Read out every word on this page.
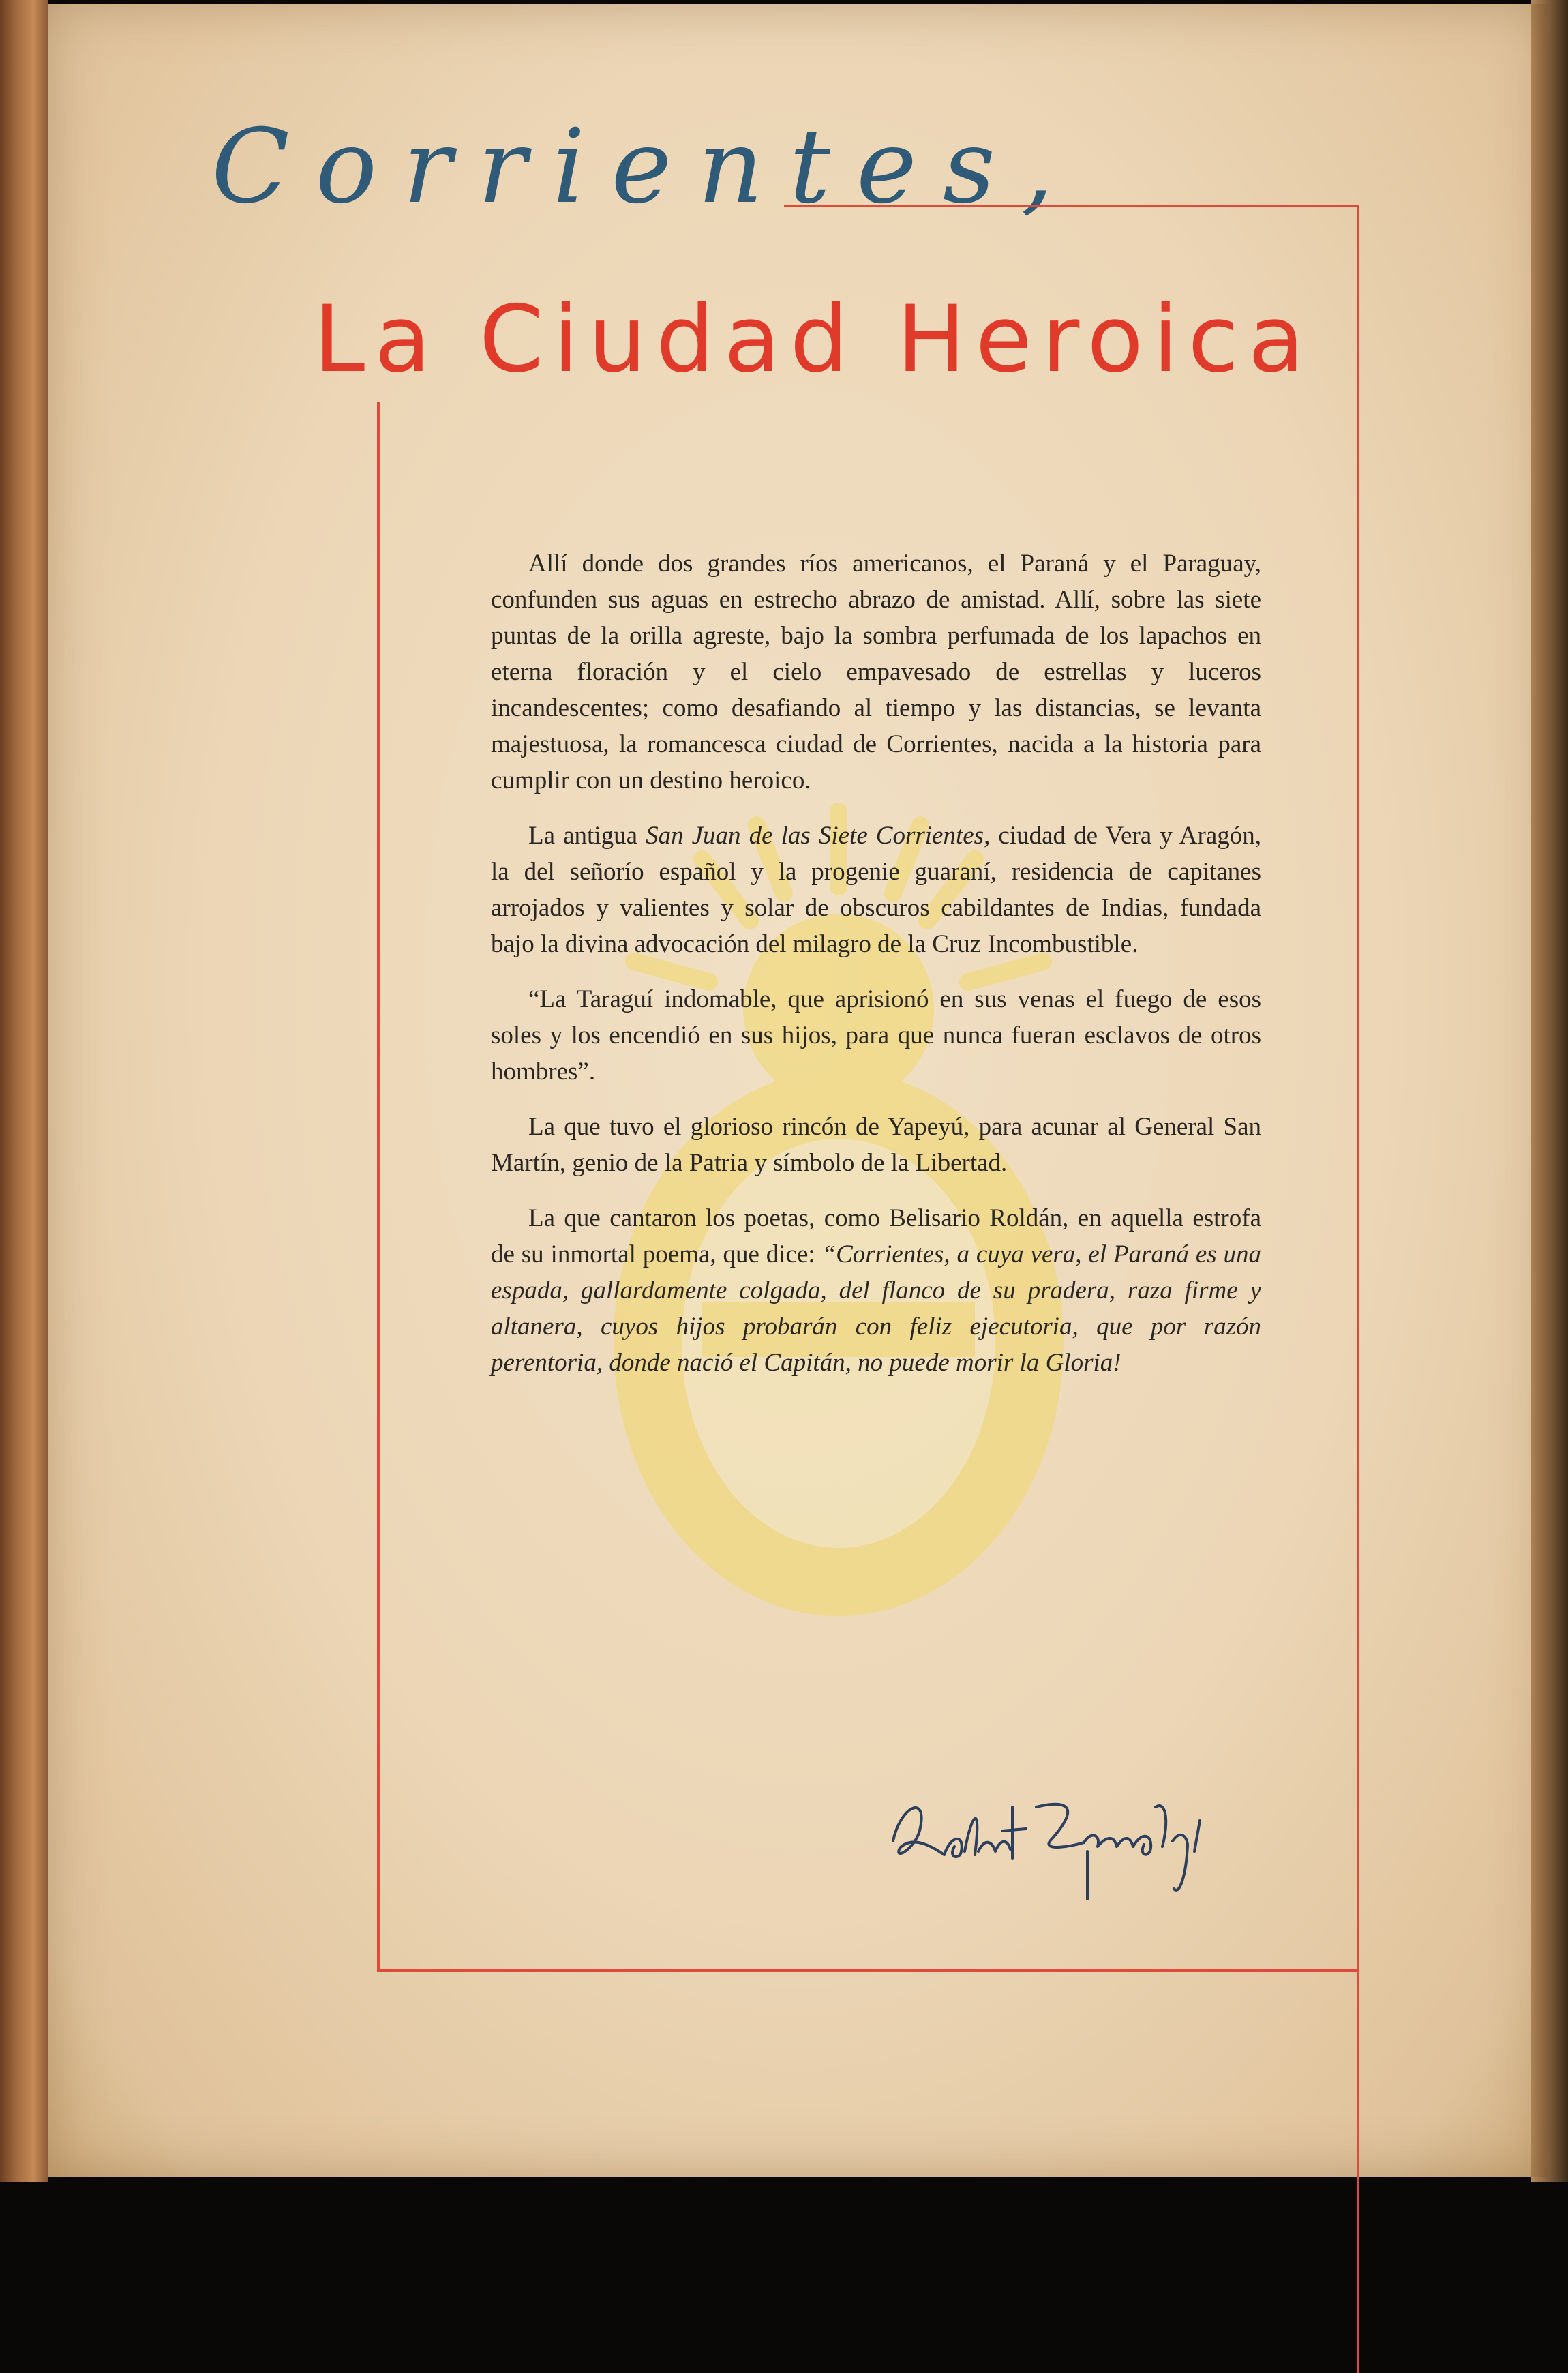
Corrientes,
La Ciudad Heroica

Allí donde dos grandes ríos americanos, el Paraná y el Paraguay, confunden sus aguas en estrecho abrazo de amistad. Allí, sobre las siete puntas de la orilla agreste, bajo la sombra perfumada de los lapachos en eterna floración y el cielo empavesado de estrellas y luceros incandescentes; como desafiando al tiempo y las distancias, se levanta majestuosa, la romancesca ciudad de Corrientes, nacida a la historia para cumplir con un destino heroico.

La antigua San Juan de las Siete Corrientes, ciudad de Vera y Aragón, la del señorío español y la progenie guaraní, residencia de capitanes arrojados y valientes y solar de obscuros cabildantes de Indias, fundada bajo la divina advocación del milagro de la Cruz Incombustible.

“La Taraguí indomable, que aprisionó en sus venas el fuego de esos soles y los encendió en sus hijos, para que nunca fueran esclavos de otros hombres”.

La que tuvo el glorioso rincón de Yapeyú, para acunar al General San Martín, genio de la Patria y símbolo de la Libertad.

La que cantaron los poetas, como Belisario Roldán, en aquella estrofa de su inmortal poema, que dice: “Corrientes, a cuya vera, el Paraná es una espada, gallardamente colgada, del flanco de su pradera, raza firme y altanera, cuyos hijos probarán con feliz ejecutoria, que por razón perentoria, donde nació el Capitán, no puede morir la Gloria!
